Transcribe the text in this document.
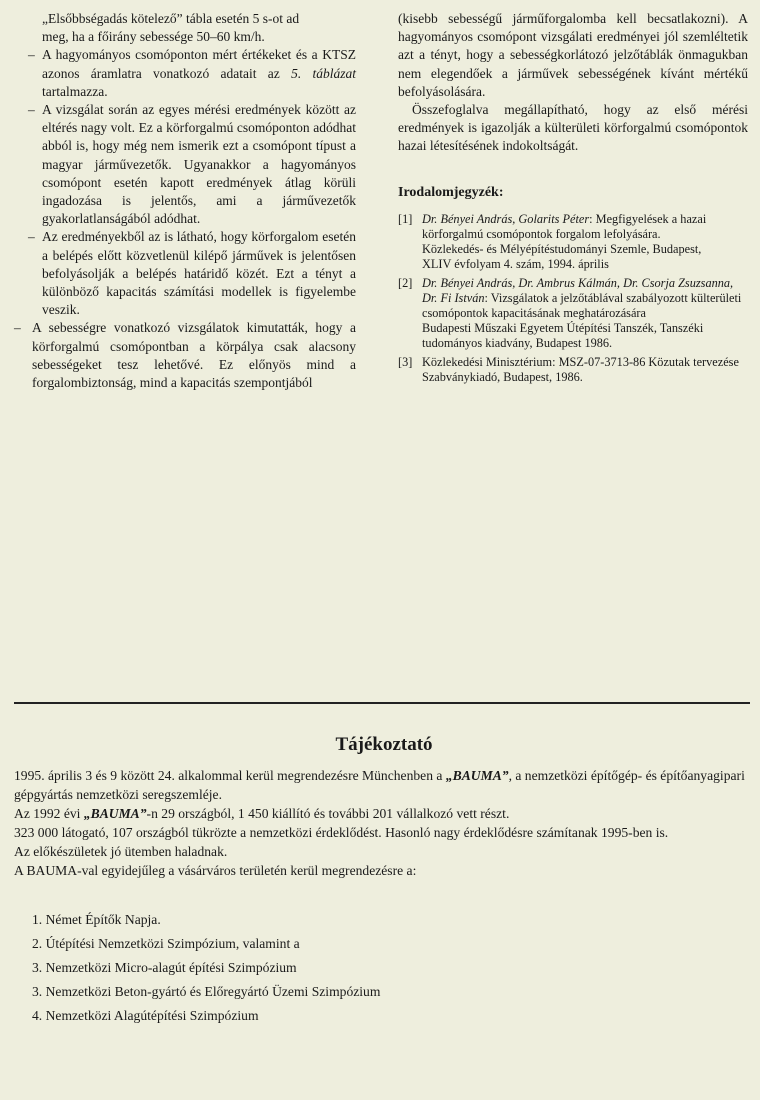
„Elsőbbségadás kötelező” tábla esetén 5 s-ot ad

meg, ha a főirány sebessége 50–60 km/h.

– A hagyományos csomóponton mért értékeket és a KTSZ azonos áramlatra vonatkozó adatait az 5. táblázat tartalmazza.

– A vizsgálat során az egyes mérési eredmények között az eltérés nagy volt. Ez a körforgalmú csomóponton adódhat abból is, hogy még nem ismerik ezt a csomópont típust a magyar járművezetők. Ugyanakkor a hagyományos csomópont esetén kapott eredmények átlag körüli ingadozása is jelentős, ami a járművezetők gyakorlatlanságából adódhat.

– Az eredményekből az is látható, hogy körforgalom esetén a belépés előtt közvetlenül kilépő járművek is jelentősen befolyásolják a belépés határidő közét. Ezt a tényt a különböző kapacitás számítási modellek is figyelembe veszik.

– A sebességre vonatkozó vizsgálatok kimutatták, hogy a körforgalmú csomópontban a körpálya csak alacsony sebességeket tesz lehetővé. Ez előnyös mind a forgalombiztonság, mind a kapacitás szempontjából

(kisebb sebességű járműforgalomba kell becsatlakozni). A hagyományos csomópont vizsgálati eredményei jól szemléltetik azt a tényt, hogy a sebességkorlátozó jelzőtáblák önmagukban nem elegendőek a járművek sebességének kívánt mértékű befolyásolására.

Összefoglalva megállapítható, hogy az első mérési eredmények is igazolják a külterületi körforgalmú csomópontok hazai létesítésének indokoltságát.

Irodalomjegyzék:
[1] Dr. Bényei András, Golarits Péter: Megfigyelések a hazai körforgalmú csomópontok forgalom lefolyására.
Közlekedés- és Mélyépítéstudományi Szemle, Budapest,
XLIV évfolyam 4. szám, 1994. április
[2] Dr. Bényei András, Dr. Ambrus Kálmán, Dr. Csorja Zsuzsanna, Dr. Fi István: Vizsgálatok a jelzőtáblával szabályozott külterületi csomópontok kapacitásának meghatározására
Budapesti Műszaki Egyetem Útépítési Tanszék, Tanszéki
tudományos kiadvány, Budapest 1986.
[3] Közlekedési Minisztérium: MSZ-07-3713-86 Közutak tervezése
Szabványkiadó, Budapest, 1986.
Tájékoztató

1995. április 3 és 9 között 24. alkalommal kerül megrendezésre Münchenben a „BAUMA”, a nemzetközi építőgép- és építőanyagipari gépgyártás nemzetközi seregszemléje.

Az 1992 évi „BAUMA”-n 29 országból, 1 450 kiállító és további 201 vállalkozó vett részt.

323 000 látogató, 107 országból tükrözte a nemzetközi érdeklődést. Hasonló nagy érdeklődésre számítanak 1995-ben is.

Az előkészületek jó ütemben haladnak.

A BAUMA-val egyidejűleg a vásárváros területén kerül megrendezésre a:

1. Német Építők Napja.
2. Útépítési Nemzetközi Szimpózium, valamint a
3. Nemzetközi Micro-alagút építési Szimpózium
3. Nemzetközi Beton-gyártó és Előregyártó Üzemi Szimpózium
4. Nemzetközi Alagútépítési Szimpózium
